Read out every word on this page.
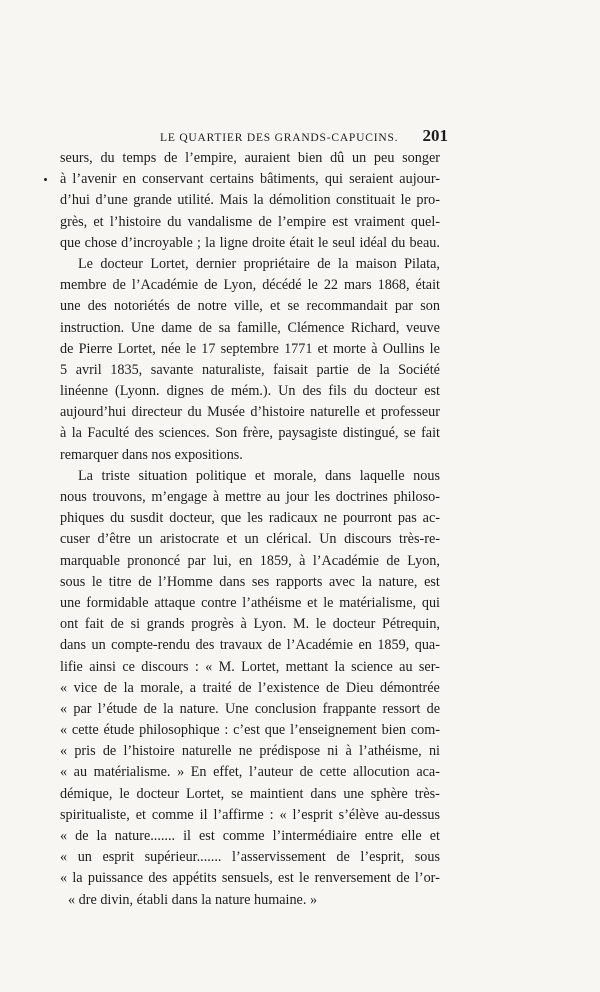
LE QUARTIER DES GRANDS-CAPUCINS. 201
seurs, du temps de l’empire, auraient bien dû un peu songer
à l’avenir en conservant certains bâtiments, qui seraient aujour-
d’hui d’une grande utilité. Mais la démolition constituait le pro-
grès, et l’histoire du vandalisme de l’empire est vraiment quel-
que chose d’incroyable ; la ligne droite était le seul idéal du beau.
Le docteur Lortet, dernier propriétaire de la maison Pilata,
membre de l’Académie de Lyon, décédé le 22 mars 1868, était
une des notoriétés de notre ville, et se recommandait par son
instruction. Une dame de sa famille, Clémence Richard, veuve
de Pierre Lortet, née le 17 septembre 1771 et morte à Oullins le
5 avril 1835, savante naturaliste, faisait partie de la Société
linéenne (Lyonn. dignes de mém.). Un des fils du docteur est
aujourd’hui directeur du Musée d’histoire naturelle et professeur
à la Faculté des sciences. Son frère, paysagiste distingué, se fait
remarquer dans nos expositions.
La triste situation politique et morale, dans laquelle nous
nous trouvons, m’engage à mettre au jour les doctrines philoso-
phiques du susdit docteur, que les radicaux ne pourront pas ac-
cuser d’être un aristocrate et un clérical. Un discours très-re-
marquable prononcé par lui, en 1859, à l’Académie de Lyon,
sous le titre de l’Homme dans ses rapports avec la nature, est
une formidable attaque contre l’athéisme et le matérialisme, qui
ont fait de si grands progrès à Lyon. M. le docteur Pétrequin,
dans un compte-rendu des travaux de l’Académie en 1859, qua-
lifie ainsi ce discours : « M. Lortet, mettant la science au ser-
« vice de la morale, a traité de l’existence de Dieu démontrée
« par l’étude de la nature. Une conclusion frappante ressort de
« cette étude philosophique : c’est que l’enseignement bien com-
« pris de l’histoire naturelle ne prédispose ni à l’athéisme, ni
« au matérialisme. » En effet, l’auteur de cette allocution aca-
démique, le docteur Lortet, se maintient dans une sphère très-
spiritualiste, et comme il l’affirme : « l’esprit s’élève au-dessus
« de la nature....... il est comme l’intermédiaire entre elle et
« un esprit supérieur....... l’asservissement de l’esprit, sous
« la puissance des appétits sensuels, est le renversement de l’or-
« dre divin, établi dans la nature humaine. »
